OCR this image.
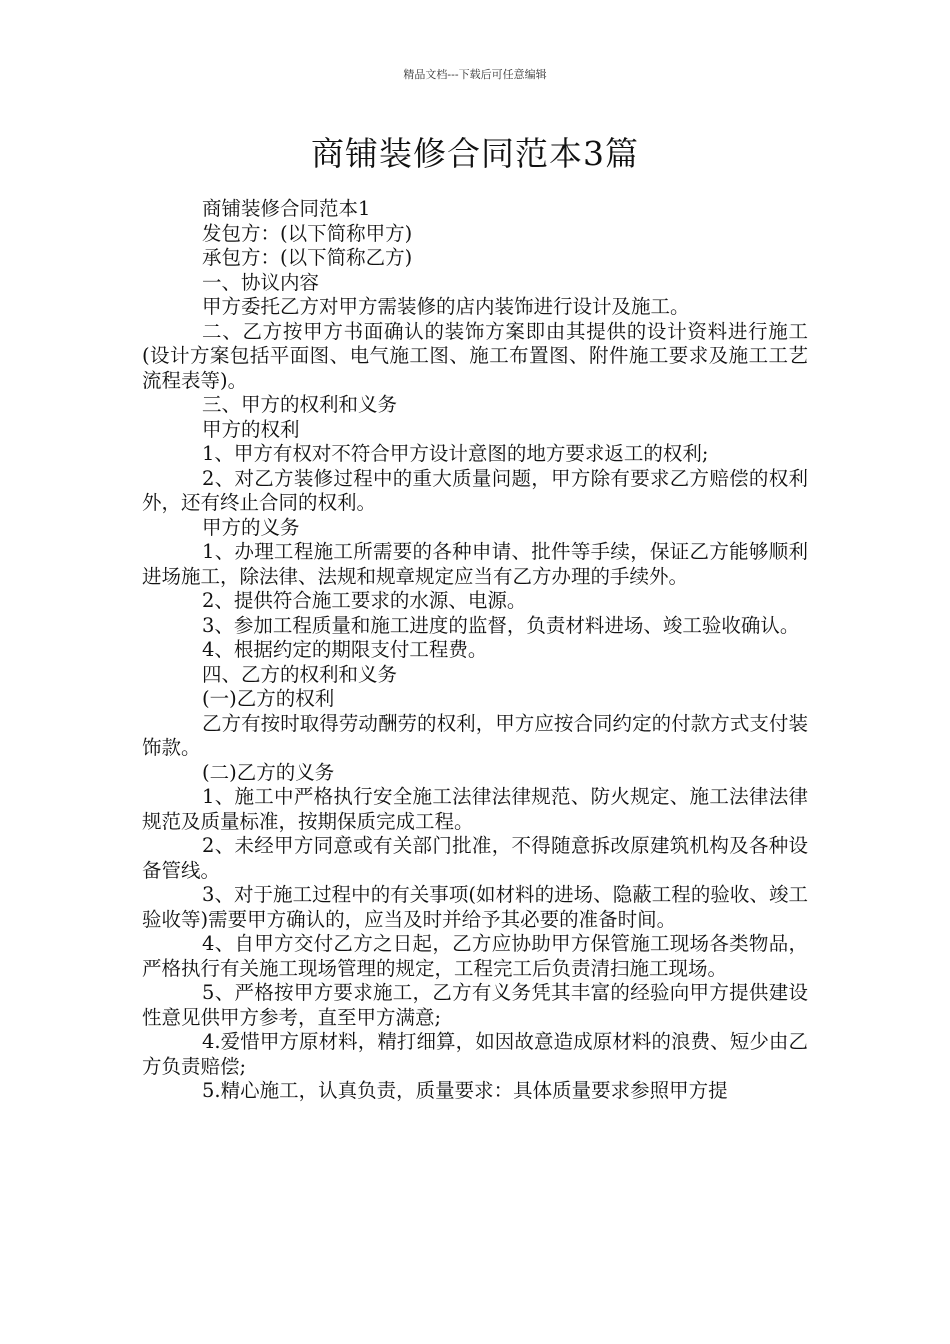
精品文档---下载后可任意编辑
商铺装修合同范本3篇

商铺装修合同范本1

发包方：(以下简称甲方)

承包方：(以下简称乙方)

一、协议内容

甲方委托乙方对甲方需装修的店内装饰进行设计及施工。

二、乙方按甲方书面确认的装饰方案即由其提供的设计资料进行施工(设计方案包括平面图、电气施工图、施工布置图、附件施工要求及施工工艺流程表等)。

三、甲方的权利和义务

甲方的权利

1、甲方有权对不符合甲方设计意图的地方要求返工的权利;

2、对乙方装修过程中的重大质量问题，甲方除有要求乙方赔偿的权利外，还有终止合同的权利。

甲方的义务

1、办理工程施工所需要的各种申请、批件等手续，保证乙方能够顺利进场施工，除法律、法规和规章规定应当有乙方办理的手续外。

2、提供符合施工要求的水源、电源。

3、参加工程质量和施工进度的监督，负责材料进场、竣工验收确认。

4、根据约定的期限支付工程费。

四、乙方的权利和义务

(一)乙方的权利

乙方有按时取得劳动酬劳的权利，甲方应按合同约定的付款方式支付装饰款。

(二)乙方的义务

1、施工中严格执行安全施工法律法律规范、防火规定、施工法律法律规范及质量标准，按期保质完成工程。

2、未经甲方同意或有关部门批准，不得随意拆改原建筑机构及各种设备管线。

3、对于施工过程中的有关事项(如材料的进场、隐蔽工程的验收、竣工验收等)需要甲方确认的，应当及时并给予其必要的准备时间。

4、自甲方交付乙方之日起，乙方应协助甲方保管施工现场各类物品，严格执行有关施工现场管理的规定，工程完工后负责清扫施工现场。

5、严格按甲方要求施工，乙方有义务凭其丰富的经验向甲方提供建设性意见供甲方参考，直至甲方满意;

4.爱惜甲方原材料，精打细算，如因故意造成原材料的浪费、短少由乙方负责赔偿;

5.精心施工，认真负责，质量要求：具体质量要求参照甲方提
